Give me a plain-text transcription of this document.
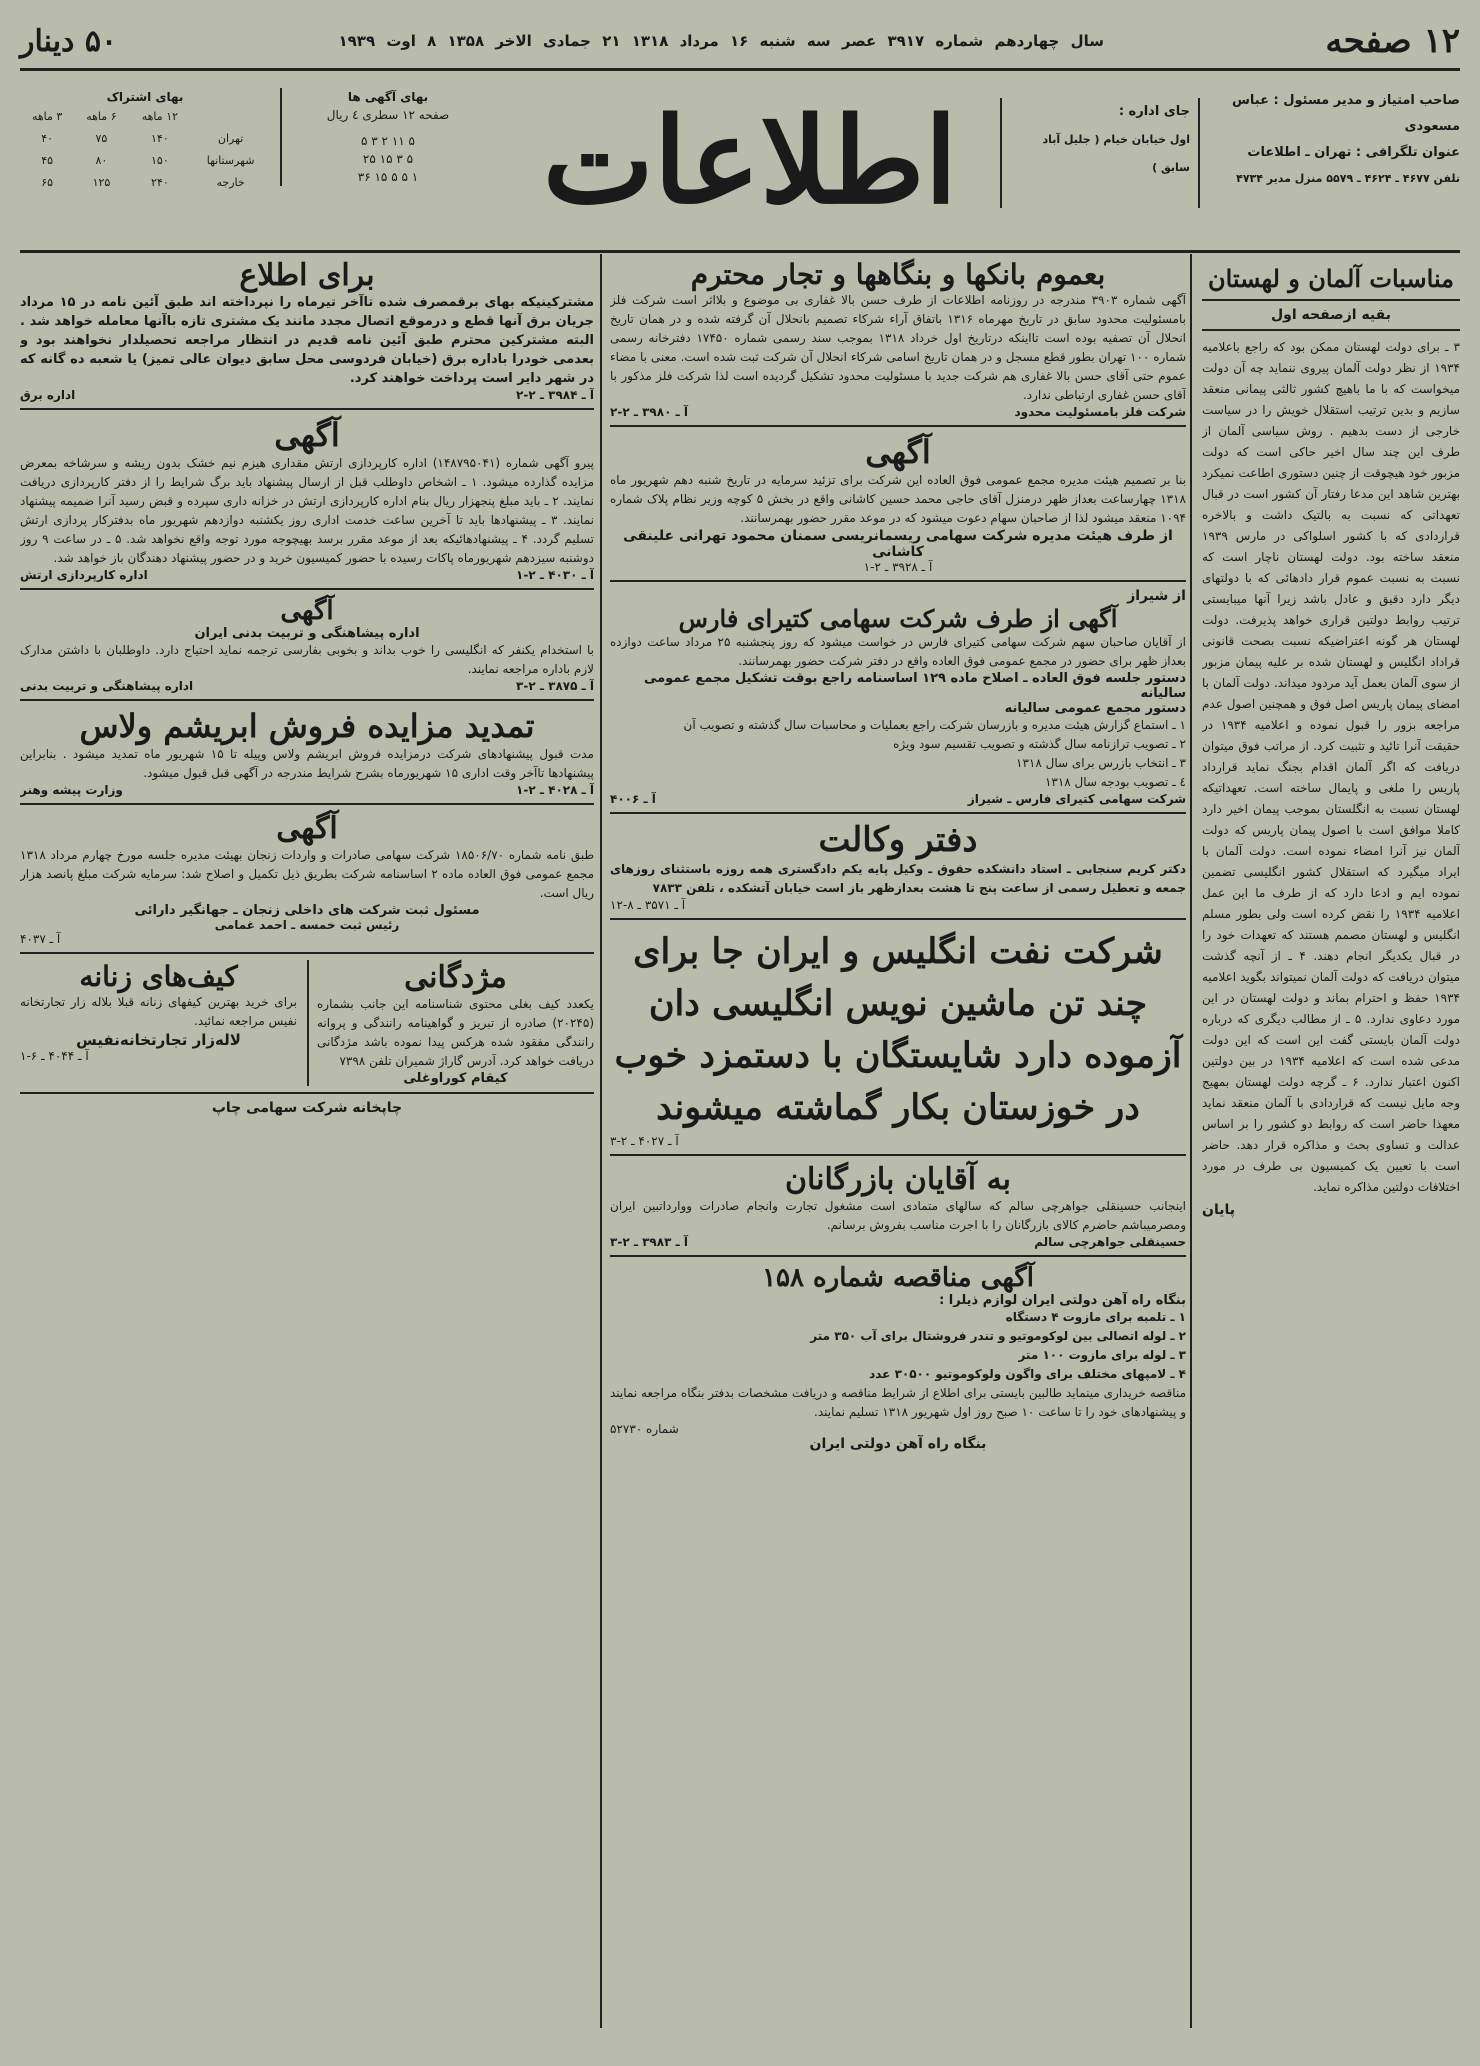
۱۲ صفحه
سال چهاردهم شماره ۳۹۱۷ عصر سه شنبه ۱۶ مرداد ۱۳۱۸ ۲۱ جمادی الاخر ۱۳۵۸ ۸ اوت ۱۹۳۹
۵۰ دینار
صاحب امتیاز و مدیر مسئول : عباس مسعودی
عنوان تلگرافی : تهران ـ اطلاعات
تلفن ۴۶۷۷ ـ ۴۶۲۴ ـ ۵۵۷۹ منزل مدیر ۴۷۳۴
جای اداره :
اول خیابان خیام ( جلیل آباد سابق )
اطلاعات
بهای آگهی ها
صفحه ۱۲ سطری ٤ ریال
۵ ۱۱ ۲ ۳ ۵
۵ ۳ ۱۵ ۲۵
۱ ۵ ۵ ۱۵ ۳۶
بهای اشتراک
	۱۲ ماهه	۶ ماهه	۳ ماهه
تهران	۱۴۰	۷۵	۴۰
شهرستانها	۱۵۰	۸۰	۴۵
خارجه	۲۴۰	۱۲۵	۶۵
مناسبات آلمان و لهستان
بقیه ازصفحه اول
۳ ـ برای دولت لهستان ممکن بود که راجع باعلامیه ۱۹۳۴ از نظر دولت آلمان پیروی ننماید چه آن دولت میخواست که با ما باهیچ کشور ثالثی پیمانی منعقد سازیم و بدین ترتیب استقلال خویش را در سیاست خارجی از دست بدهیم . روش سیاسی آلمان از طرف این چند سال اخیر حاکی است که دولت مزبور خود هیچوقت از چنین دستوری اطاعت نمیکرد بهترین شاهد این مدعا رفتار آن کشور است در قبال تعهداتی که نسبت به بالتیک داشت و بالاخره قراردادی که با کشور اسلواکی در مارس ۱۹۳۹ منعقد ساخته بود. دولت لهستان ناچار است که نسبت به نسبت عموم قرار دادهائی که با دولتهای دیگر دارد دقیق و عادل باشد زیرا آنها میبایستی ترتیب روابط دولتین قراری خواهد پذیرفت. دولت لهستان هر گونه اعتراضیکه نسبت بصحت قانونی قراداد انگلیس و لهستان شده بر علیه پیمان مزبور از سوی آلمان بعمل آید مردود میداند. دولت آلمان با امضای پیمان پاریس اصل فوق و همچنین اصول عدم مراجعه بزور را قبول نموده و اعلامیه ۱۹۳۴ در حقیقت آنرا تائید و تثبیت کرد. از مراتب فوق میتوان دریافت که اگر آلمان اقدام بجنگ نماید قرارداد پاریس را ملغی و پایمال ساخته است. تعهداتیکه لهستان نسبت به انگلستان بموجب پیمان اخیر دارد کاملا موافق است با اصول پیمان پاریس که دولت آلمان نیز آنرا امضاء نموده است. دولت آلمان با ایراد میگیرد که استقلال کشور انگلیسی تضمین نموده ایم و ادعا دارد که از طرف ما این عمل اعلامیه ۱۹۳۴ را نقض کرده است ولی بطور مسلم انگلیس و لهستان مصمم هستند که تعهدات خود را در قبال یکدیگر انجام دهند. ۴ ـ از آنچه گذشت میتوان دریافت که دولت آلمان نمیتواند بگوید اعلامیه ۱۹۳۴ حفظ و احترام بماند و دولت لهستان در این مورد دعاوی ندارد. ۵ ـ از مطالب دیگری که درباره دولت آلمان بایستی گفت این است که این دولت مدعی شده است که اعلامیه ۱۹۳۴ در بین دولتین اکنون اعتبار ندارد. ۶ ـ گرچه دولت لهستان بمهیج وجه مایل نیست که قراردادی با آلمان منعقد نماید معهذا حاضر است که روابط دو کشور را بر اساس عدالت و تساوی بحث و مذاکره قرار دهد. حاضر است با تعیین یک کمیسیون بی طرف در مورد اختلافات دولتین مذاکره نماید.
پایان
بعموم بانکها و بنگاهها و تجار محترم
آگهی شماره ۳۹۰۳ مندرجه در روزنامه اطلاعات از طرف حسن بالا غفاری بی موضوع و بلااثر است شرکت فلز بامسئولیت محدود سابق در تاریخ مهرماه ۱۳۱۶ باتفاق آراء شرکاء تصمیم بانحلال آن گرفته شده و در همان تاریخ انحلال آن تصفیه بوده است تااینکه درتاریخ اول خرداد ۱۳۱۸ بموجب سند رسمی شماره ۱۷۴۵۰ دفترخانه رسمی شماره ۱۰۰ تهران بطور قطع مسجل و در همان تاریخ اسامی شرکاء انحلال آن شرکت ثبت شده است. معنی با مضاء عموم حتی آقای حسن بالا غفاری هم شرکت جدید با مسئولیت محدود تشکیل گردیده است لذا شرکت فلز مذکور با آقای حسن غفاری ارتباطی ندارد.
شرکت فلز بامسئولیت محدود
آ ـ ۳۹۸۰ ـ ۲-۲
آگهی
بنا بر تصمیم هیئت مدیره مجمع عمومی فوق العاده این شرکت برای تزئید سرمایه در تاریخ شنبه دهم شهریور ماه ۱۳۱۸ چهارساعت بعداز ظهر درمنزل آقای حاجی محمد حسین کاشانی واقع در بخش ۵ کوچه وزیر نظام پلاک شماره ۱۰۹۴ منعقد میشود لذا از صاحبان سهام دعوت میشود که در موعد مقرر حضور بهمرسانند.
از طرف هیئت مدیره شرکت سهامی ریسمانریسی سمنان محمود تهرانی علینقی کاشانی
آ ـ ۳۹۲۸ ـ ۲-۱
از شیراز
آگهی از طرف شرکت سهامی کتیرای فارس
از آقایان صاحبان سهم شرکت سهامی کتیرای فارس در خواست میشود که روز پنجشنبه ۲۵ مرداد ساعت دوازده بعداز ظهر برای حضور در مجمع عمومی فوق العاده واقع در دفتر شرکت حضور بهمرسانند.
دستور جلسه فوق العاده ـ اصلاح ماده ۱۲۹ اساسنامه راجع بوقت تشکیل مجمع عمومی سالیانه
دستور مجمع عمومی سالیانه
۱ ـ استماع گزارش هیئت مدیره و بازرسان شرکت راجع بعملیات و محاسبات سال گذشته و تصویب آن
۲ ـ تصویب ترازنامه سال گذشته و تصویب تقسیم سود ویژه
۳ ـ انتخاب بازرس برای سال ۱۳۱۸
٤ ـ تصویب بودجه سال ۱۳۱۸
شرکت سهامی کتیرای فارس ـ شیراز
آ ـ ۴۰۰۶
دفتر وکالت
دکتر کریم سنجابی ـ استاد دانشکده حقوق ـ وکیل پایه یکم دادگستری همه روزه باستثنای روزهای جمعه و تعطیل رسمی از ساعت پنج تا هشت بعدازظهر باز است خیابان آتشکده ، تلفن ۷۸۳۳
آ ـ ۳۵۷۱ ـ ۸-۱۲
شرکت نفت انگلیس و ایران جا برای چند تن ماشین نویس انگلیسی دان آزموده دارد شایستگان با دستمزد خوب در خوزستان بکار گماشته میشوند
آ ـ ۴۰۲۷ ـ ۲-۳
به آقایان بازرگانان
اینجانب حسینقلی جواهرچی سالم که سالهای متمادی است مشغول تجارت وانجام صادرات ووارداتبین ایران ومصرمیباشم حاضرم کالای بازرگانان را با اجرت مناسب بفروش برسانم.
حسینقلی جواهرچی سالم
آ ـ ۳۹۸۳ ـ ۲-۳
آگهی مناقصه شماره ۱۵۸
بنگاه راه آهن دولتی ایران لوازم ذیلرا :
۱ ـ تلمبه برای مازوت ۴ دستگاه
۲ ـ لوله اتصالی بین لوکوموتیو و تندر فروشتال برای آب ۳۵۰ متر
۳ ـ لوله برای مازوت ۱۰۰ متر
۴ ـ لامپهای مختلف برای واگون ولوکوموتیو ۳۰۵۰۰ عدد
مناقصه خریداری مینماید طالبین بایستی برای اطلاع از شرایط مناقصه و دریافت مشخصات بدفتر بنگاه مراجعه نمایند و پیشنهادهای خود را تا ساعت ۱۰ صبح روز اول شهریور ۱۳۱۸ تسلیم نمایند.
شماره ۵۲۷۳۰
بنگاه راه آهن دولتی ایران
برای اطلاع
مشترکینیکه بهای برقمصرف شده تاآخر تیرماه را نپرداخته اند طبق آئین نامه در ۱۵ مرداد جریان برق آنها قطع و درموقع اتصال مجدد مانند یک مشتری تازه باآنها معامله خواهد شد . البته مشترکین محترم طبق آئین نامه قدیم در انتظار مراجعه تحصیلدار نخواهند بود و بعدمی خودرا باداره برق (خیابان فردوسی محل سابق دیوان عالی تمیز) یا شعبه ده گانه که در شهر دایر است پرداخت خواهند کرد.
آ ـ ۳۹۸۴ ـ ۲-۲
اداره برق
آگهی
پیرو آگهی شماره (۱۴۸۷۹۵۰۴۱) اداره کارپردازی ارتش مقداری هیزم نیم خشک بدون ریشه و سرشاخه بمعرض مزایده گذارده میشود. ۱ ـ اشخاص داوطلب قبل از ارسال پیشنهاد باید برگ شرایط را از دفتر کارپردازی دریافت نمایند. ۲ ـ باید مبلغ پنجهزار ریال بنام اداره کارپردازی ارتش در خزانه داری سپرده و قبض رسید آنرا ضمیمه پیشنهاد نمایند. ۳ ـ پیشنهادها باید تا آخرین ساعت خدمت اداری روز یکشنبه دوازدهم شهریور ماه بدفترکار پردازی ارتش تسلیم گردد. ۴ ـ پیشنهادهائیکه بعد از موعد مقرر برسد بهیچوجه مورد توجه واقع نخواهد شد. ۵ ـ در ساعت ۹ روز دوشنبه سیزدهم شهریورماه پاکات رسیده با حضور کمیسیون خرید و در حضور پیشنهاد دهندگان باز خواهد شد.
آ ـ ۴۰۳۰ ـ ۲-۱
اداره کارپردازی ارتش
آگهی
اداره پیشاهنگی و تربیت بدنی ایران
با استخدام یکنفر که انگلیسی را خوب بداند و بخوبی بفارسی ترجمه نماید احتیاج دارد. داوطلبان با داشتن مدارک لازم باداره مراجعه نمایند.
آ ـ ۳۸۷۵ ـ ۲-۳
اداره پیشاهنگی و تربیت بدنی
تمدید مزایده فروش ابریشم ولاس
مدت قبول پیشنهادهای شرکت درمزایده فروش ابریشم ولاس وپیله تا ۱۵ شهریور ماه تمدید میشود . بنابراین پیشنهادها تاآخر وقت اداری ۱۵ شهریورماه بشرح شرایط مندرجه در آگهی قبل قبول میشود.
آ ـ ۴۰۲۸ ـ ۲-۱
وزارت پیشه وهنر
آگهی
طبق نامه شماره ۱۸۵۰۶/۷۰ شرکت سهامی صادرات و واردات زنجان بهیئت مدیره جلسه مورخ چهارم مرداد ۱۳۱۸ مجمع عمومی فوق العاده ماده ۲ اساسنامه شرکت بطریق ذیل تکمیل و اصلاح شد: سرمایه شرکت مبلغ پانصد هزار ریال است.
مسئول ثبت شرکت های داخلی زنجان ـ جهانگیر دارائی
رئیس ثبت خمسه ـ احمد غمامی
آ ـ ۴۰۳۷
مژدگانی
یکعدد کیف بغلی محتوی شناسنامه این جانب بشماره (۲۰۲۴۵) صادره از تبریز و گواهینامه رانندگی و پروانه رانندگی مفقود شده هرکس پیدا نموده باشد مژدگانی دریافت خواهد کرد. آدرس گاراژ شمیران تلفن ۷۳۹۸
کیقام کوراوغلی
کیف‌های زنانه
برای خرید بهترین کیفهای زنانه قبلا بلاله زار تجارتخانه نفیس مراجعه نمائید.
لاله‌زار تجارتخانه‌نفیس
آ ـ ۴۰۴۴ ـ ۶-۱
چاپخانه شرکت سهامی چاپ
